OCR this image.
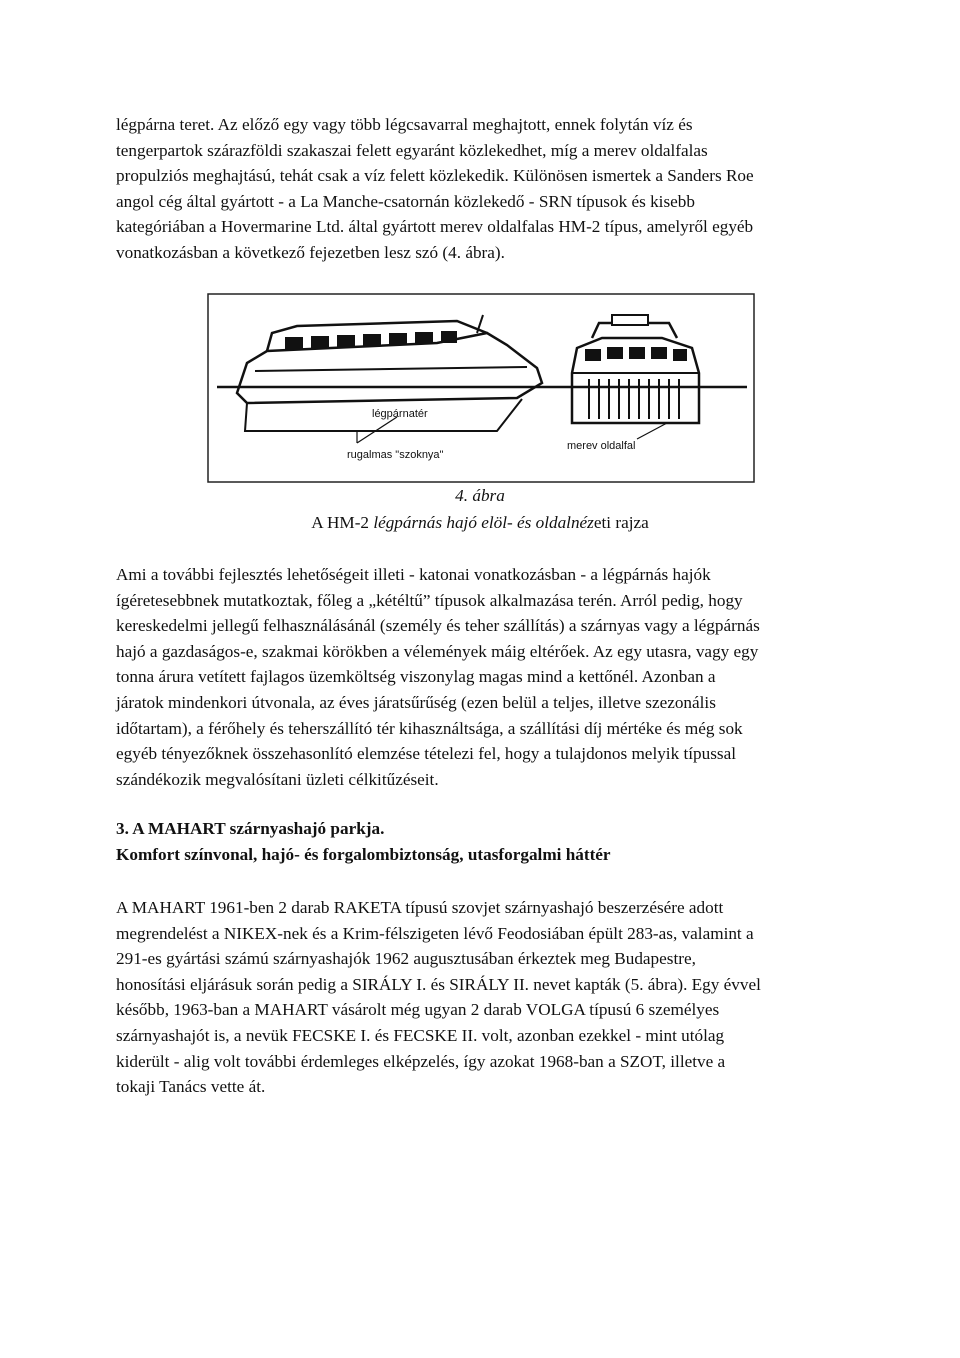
légpárna teret. Az előző egy vagy több légcsavarral meghajtott, ennek folytán víz és
tengerpartok szárazföldi szakaszai felett egyaránt közlekedhet, míg a merev oldalfalas
propulziós meghajtású, tehát csak a víz felett közlekedik. Különösen ismertek a Sanders Roe
angol cég által gyártott - a La Manche-csatornán közlekedő - SRN típusok és kisebb
kategóriában a Hovermarine Ltd. által gyártott merev oldalfalas HM-2 típus, amelyről egyéb
vonatkozásban a következő fejezetben lesz szó (4. ábra).
légpárnatér
rugalmas "szoknya"
merev oldalfal
4. ábra
A HM-2 légpárnás hajó elöl- és oldalnézeti rajza
Ami a további fejlesztés lehetőségeit illeti - katonai vonatkozásban - a légpárnás hajók
ígéretesebbnek mutatkoztak, főleg a „kétéltű” típusok alkalmazása terén. Arról pedig, hogy
kereskedelmi jellegű felhasználásánál (személy és teher szállítás) a szárnyas vagy a légpárnás
hajó a gazdaságos-e, szakmai körökben a vélemények máig eltérőek. Az egy utasra, vagy egy
tonna árura vetített fajlagos üzemköltség viszonylag magas mind a kettőnél. Azonban a
járatok mindenkori útvonala, az éves járatsűrűség (ezen belül a teljes, illetve szezonális
időtartam), a férőhely és teherszállító tér kihasználtsága, a szállítási díj mértéke és még sok
egyéb tényezőknek összehasonlító elemzése tételezi fel, hogy a tulajdonos melyik típussal
szándékozik megvalósítani üzleti célkitűzéseit.
3. A MAHART szárnyashajó parkja.
Komfort színvonal, hajó- és forgalombiztonság, utasforgalmi háttér
A MAHART 1961-ben 2 darab RAKETA típusú szovjet szárnyashajó beszerzésére adott
megrendelést a NIKEX-nek és a Krim-félszigeten lévő Feodosiában épült 283-as, valamint a
291-es gyártási számú szárnyashajók 1962 augusztusában érkeztek meg Budapestre,
honosítási eljárásuk során pedig a SIRÁLY I. és SIRÁLY II. nevet kapták (5. ábra). Egy évvel
később, 1963-ban a MAHART vásárolt még ugyan 2 darab VOLGA típusú 6 személyes
szárnyashajót is, a nevük FECSKE I. és FECSKE II. volt, azonban ezekkel - mint utólag
kiderült - alig volt további érdemleges elképzelés, így azokat 1968-ban a SZOT, illetve a
tokaji Tanács vette át.
